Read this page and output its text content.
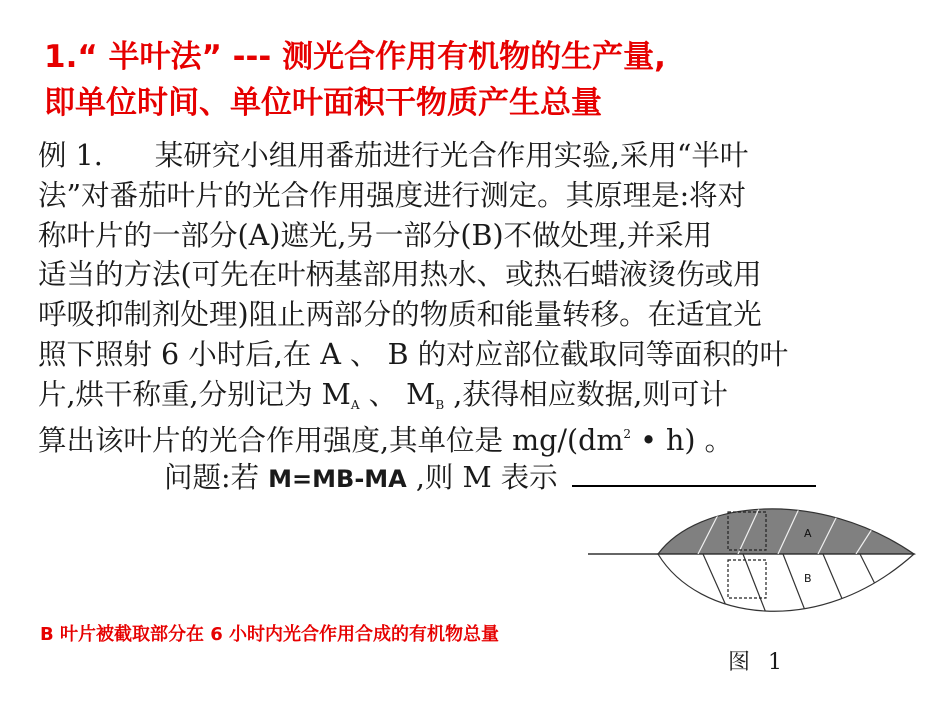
1.“ 半叶法” --- 测光合作用有机物的生产量,
即单位时间、单位叶面积干物质产生总量
例 1. 某研究小组用番茄进行光合作用实验,采用“半叶
法”对番茄叶片的光合作用强度进行测定。其原理是:将对
称叶片的一部分(A)遮光,另一部分(B)不做处理,并采用
适当的方法(可先在叶柄基部用热水、或热石蜡液烫伤或用
呼吸抑制剂处理)阻止两部分的物质和能量转移。在适宜光
照下照射 6 小时后,在 A 、 B 的对应部位截取同等面积的叶
片,烘干称重,分别记为 $M_A$ 、 $M_B$ ,获得相应数据,则可计
算出该叶片的光合作用强度,其单位是 $mg/(dm^2$ • h) 。
问题:若 M=MB-MA ,则 M 表示
A
B
B 叶片被截取部分在 6 小时内光合作用合成的有机物总量
图 1
